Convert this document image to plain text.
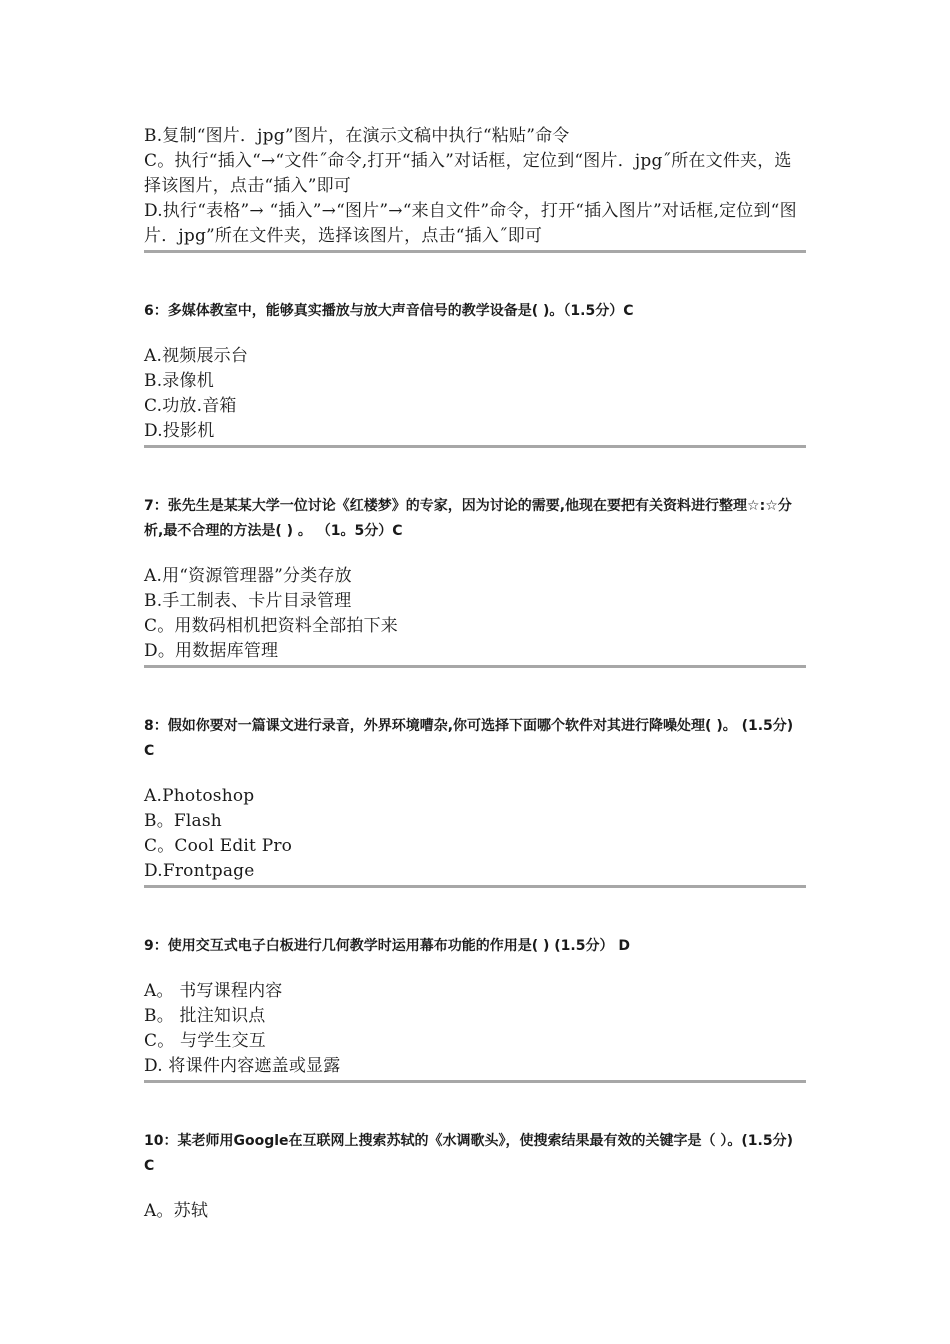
B.复制“图片．jpg”图片，在演示文稿中执行“粘贴”命令
C。执行“插入“→“文件˝命令,打开“插入”对话框，定位到“图片．jpg˝所在文件夹，选择该图片，点击“插入”即可
D.执行“表格”→ “插入”→“图片”→“来自文件”命令，打开“插入图片”对话框,定位到“图片．jpg”所在文件夹，选择该图片，点击“插入˝即可
6：多媒体教室中，能够真实播放与放大声音信号的教学设备是( )。（1.5分）C
A.视频展示台
B.录像机
C.功放.音箱
D.投影机
7：张先生是某某大学一位讨论《红楼梦》的专家，因为讨论的需要,他现在要把有关资料进行整理☆:☆分析,最不合理的方法是( ) 。 （1。5分）C
A.用“资源管理器”分类存放
B.手工制表、卡片目录管理
C。用数码相机把资料全部拍下来
D。用数据库管理
8：假如你要对一篇课文进行录音，外界环境嘈杂,你可选择下面哪个软件对其进行降噪处理( )。 (1.5分) C
A.Photoshop
B。Flash
C。Cool Edit Pro
D.Frontpage
9：使用交互式电子白板进行几何教学时运用幕布功能的作用是( ) (1.5分） D
A。 书写课程内容
B。 批注知识点
C。 与学生交互
D. 将课件内容遮盖或显露
10：某老师用Google在互联网上搜索苏轼的《水调歌头》，使搜索结果最有效的关键字是（ ）。(1.5分) C
A。苏轼
